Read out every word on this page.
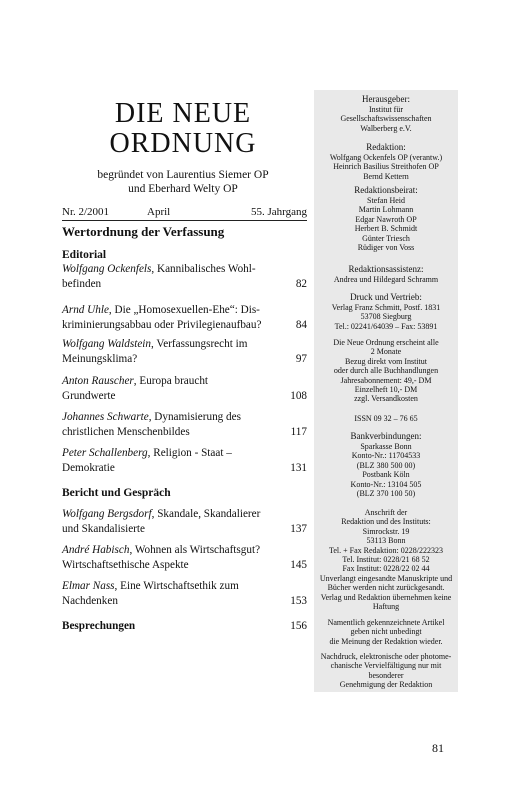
DIE NEUE
ORDNUNG
begründet von Laurentius Siemer OP
und Eberhard Welty OP
Nr. 2/2001	April	55. Jahrgang
Wertordnung der Verfassung
Editorial
Wolfgang Ockenfels, Kannibalisches Wohl-
befinden	82
Arnd Uhle, Die „Homosexuellen-Ehe“: Dis-
kriminierungsabbau oder Privilegienaufbau?	84
Wolfgang Waldstein, Verfassungsrecht im
Meinungsklima?	97
Anton Rauscher, Europa braucht
Grundwerte	108
Johannes Schwarte, Dynamisierung des
christlichen Menschenbildes	117
Peter Schallenberg, Religion - Staat –
Demokratie	131
Bericht und Gespräch
Wolfgang Bergsdorf, Skandale, Skandalierer
und Skandalisierte	137
André Habisch, Wohnen als Wirtschaftsgut?
Wirtschaftsethische Aspekte	145
Elmar Nass, Eine Wirtschaftsethik zum
Nachdenken	153
Besprechungen	156
Herausgeber:
Institut für
Gesellschaftswissenschaften
Walberberg e.V.
Redaktion:
Wolfgang Ockenfels OP (verantw.)
Heinrich Basilius Streithofen OP
Bernd Kettern
Redaktionsbeirat:
Stefan Heid
Martin Lohmann
Edgar Nawroth OP
Herbert B. Schmidt
Günter Triesch
Rüdiger von Voss
Redaktionsassistenz:
Andrea und Hildegard Schramm
Druck und Vertrieb:
Verlag Franz Schmitt, Postf. 1831
53708 Siegburg
Tel.: 02241/64039 – Fax: 53891
Die Neue Ordnung erscheint alle
2 Monate
Bezug direkt vom Institut
oder durch alle Buchhandlungen
Jahresabonnement: 49,- DM
Einzelheft 10,- DM
zzgl. Versandkosten
ISSN 09 32 – 76 65
Bankverbindungen:
Sparkasse Bonn
Konto-Nr.: 11704533
(BLZ 380 500 00)
Postbank Köln
Konto-Nr.: 13104 505
(BLZ 370 100 50)
Anschrift der
Redaktion und des Instituts:
Simrockstr. 19
53113 Bonn
Tel. + Fax Redaktion: 0228/222323
Tel. Institut: 0228/21 68 52
Fax Institut: 0228/22 02 44
Unverlangt eingesandte Manuskripte und
Bücher werden nicht zurückgesandt.
Verlag und Redaktion übernehmen keine
Haftung
Namentlich gekennzeichnete Artikel
geben nicht unbedingt
die Meinung der Redaktion wieder.
Nachdruck, elektronische oder photome-
chanische Vervielfältigung nur mit
besonderer
Genehmigung der Redaktion
81
